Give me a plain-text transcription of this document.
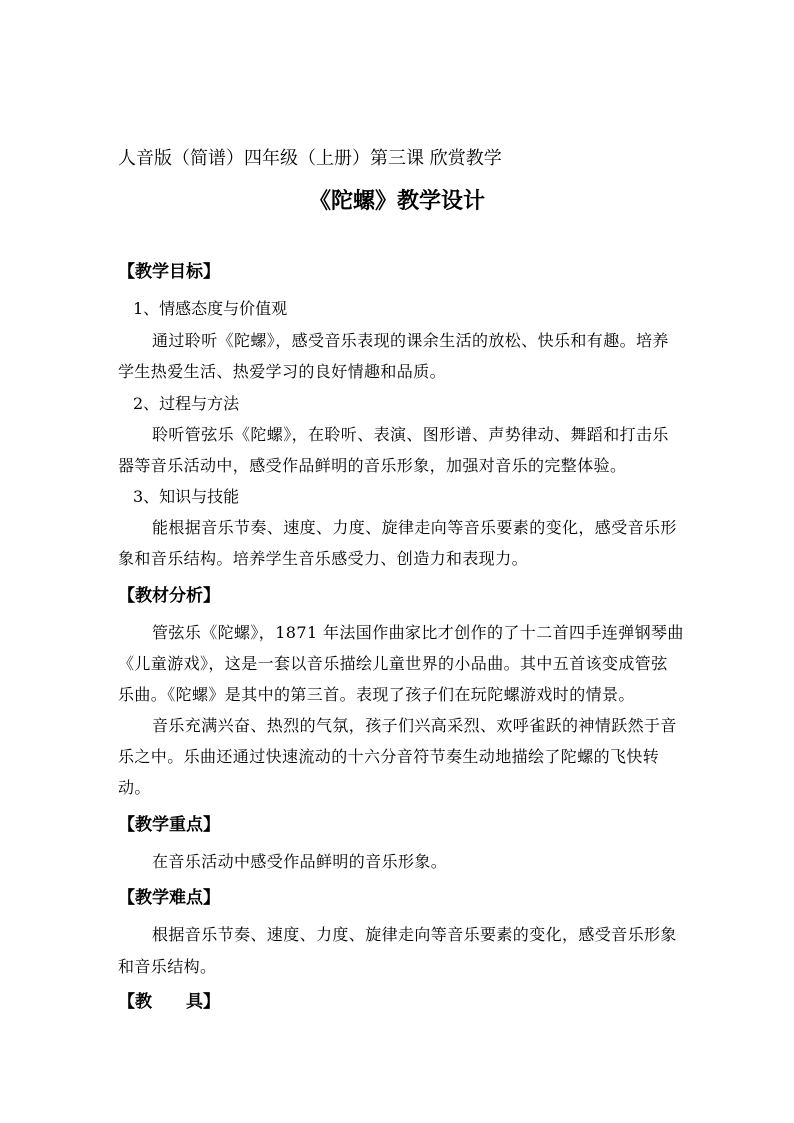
人音版（简谱）四年级（上册）第三课 欣赏教学
《陀螺》教学设计
【教学目标】
1、情感态度与价值观
通过聆听《陀螺》，感受音乐表现的课余生活的放松、快乐和有趣。培养
学生热爱生活、热爱学习的良好情趣和品质。
2、过程与方法
聆听管弦乐《陀螺》，在聆听、表演、图形谱、声势律动、舞蹈和打击乐
器等音乐活动中，感受作品鲜明的音乐形象，加强对音乐的完整体验。
3、知识与技能
能根据音乐节奏、速度、力度、旋律走向等音乐要素的变化，感受音乐形
象和音乐结构。培养学生音乐感受力、创造力和表现力。
【教材分析】
管弦乐《陀螺》，1871 年法国作曲家比才创作的了十二首四手连弹钢琴曲
《儿童游戏》，这是一套以音乐描绘儿童世界的小品曲。其中五首该变成管弦
乐曲。《陀螺》是其中的第三首。表现了孩子们在玩陀螺游戏时的情景。
音乐充满兴奋、热烈的气氛，孩子们兴高采烈、欢呼雀跃的神情跃然于音
乐之中。乐曲还通过快速流动的十六分音符节奏生动地描绘了陀螺的飞快转
动。
【教学重点】
在音乐活动中感受作品鲜明的音乐形象。
【教学难点】
根据音乐节奏、速度、力度、旋律走向等音乐要素的变化，感受音乐形象
和音乐结构。
【教　　具】
